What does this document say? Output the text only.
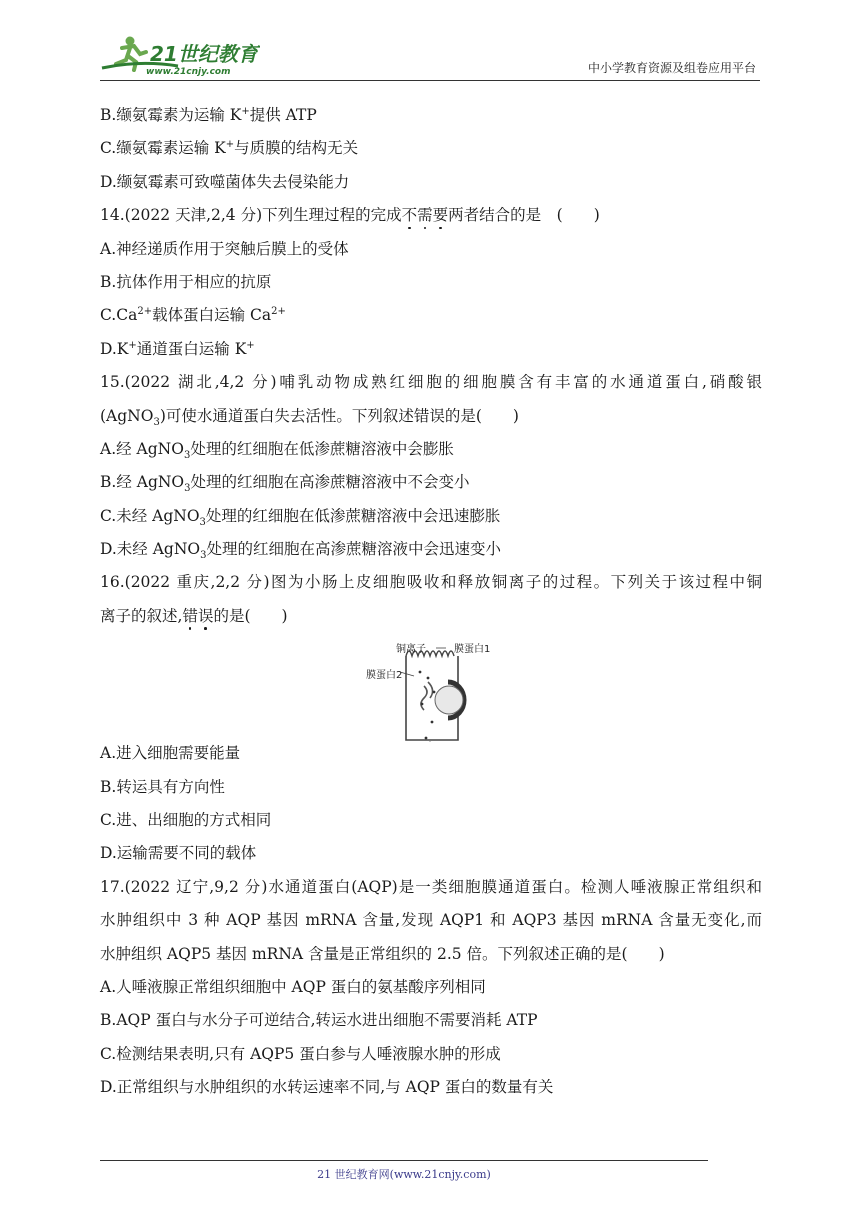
21世纪教育
www.21cnjy.com	中小学教育资源及组卷应用平台
B.缬氨霉素为运输 K+提供 ATP
C.缬氨霉素运输 K+与质膜的结构无关
D.缬氨霉素可致噬菌体失去侵染能力
14.(2022 天津,2,4 分)下列生理过程的完成不需要两者结合的是　(　　)
A.神经递质作用于突触后膜上的受体
B.抗体作用于相应的抗原
$C.Ca^{2+}$载体蛋白运输 $Ca^{2+}$
D.K+通道蛋白运输 K+
15.(2022 湖北,4,2 分)哺乳动物成熟红细胞的细胞膜含有丰富的水通道蛋白,硝酸银
(AgNO$_3$)可使水通道蛋白失去活性。下列叙述错误的是(　　)
A.经 AgNO$_3$处理的红细胞在低渗蔗糖溶液中会膨胀
B.经 AgNO$_3$处理的红细胞在高渗蔗糖溶液中不会变小
C.未经 AgNO$_3$处理的红细胞在低渗蔗糖溶液中会迅速膨胀
D.未经 AgNO$_3$处理的红细胞在高渗蔗糖溶液中会迅速变小
16.(2022 重庆,2,2 分)图为小肠上皮细胞吸收和释放铜离子的过程。下列关于该过程中铜
离子的叙述,错误的是(　　)
铜离子	膜蛋白1
膜蛋白2
A.进入细胞需要能量
B.转运具有方向性
C.进、出细胞的方式相同
D.运输需要不同的载体
17.(2022 辽宁,9,2 分)水通道蛋白(AQP)是一类细胞膜通道蛋白。检测人唾液腺正常组织和
水肿组织中 3 种 AQP 基因 mRNA 含量,发现 AQP1 和 AQP3 基因 mRNA 含量无变化,而
水肿组织 AQP5 基因 mRNA 含量是正常组织的 2.5 倍。下列叙述正确的是(　　)
A.人唾液腺正常组织细胞中 AQP 蛋白的氨基酸序列相同
B.AQP 蛋白与水分子可逆结合,转运水进出细胞不需要消耗 ATP
C.检测结果表明,只有 AQP5 蛋白参与人唾液腺水肿的形成
D.正常组织与水肿组织的水转运速率不同,与 AQP 蛋白的数量有关
21 世纪教育网(www.21cnjy.com)
